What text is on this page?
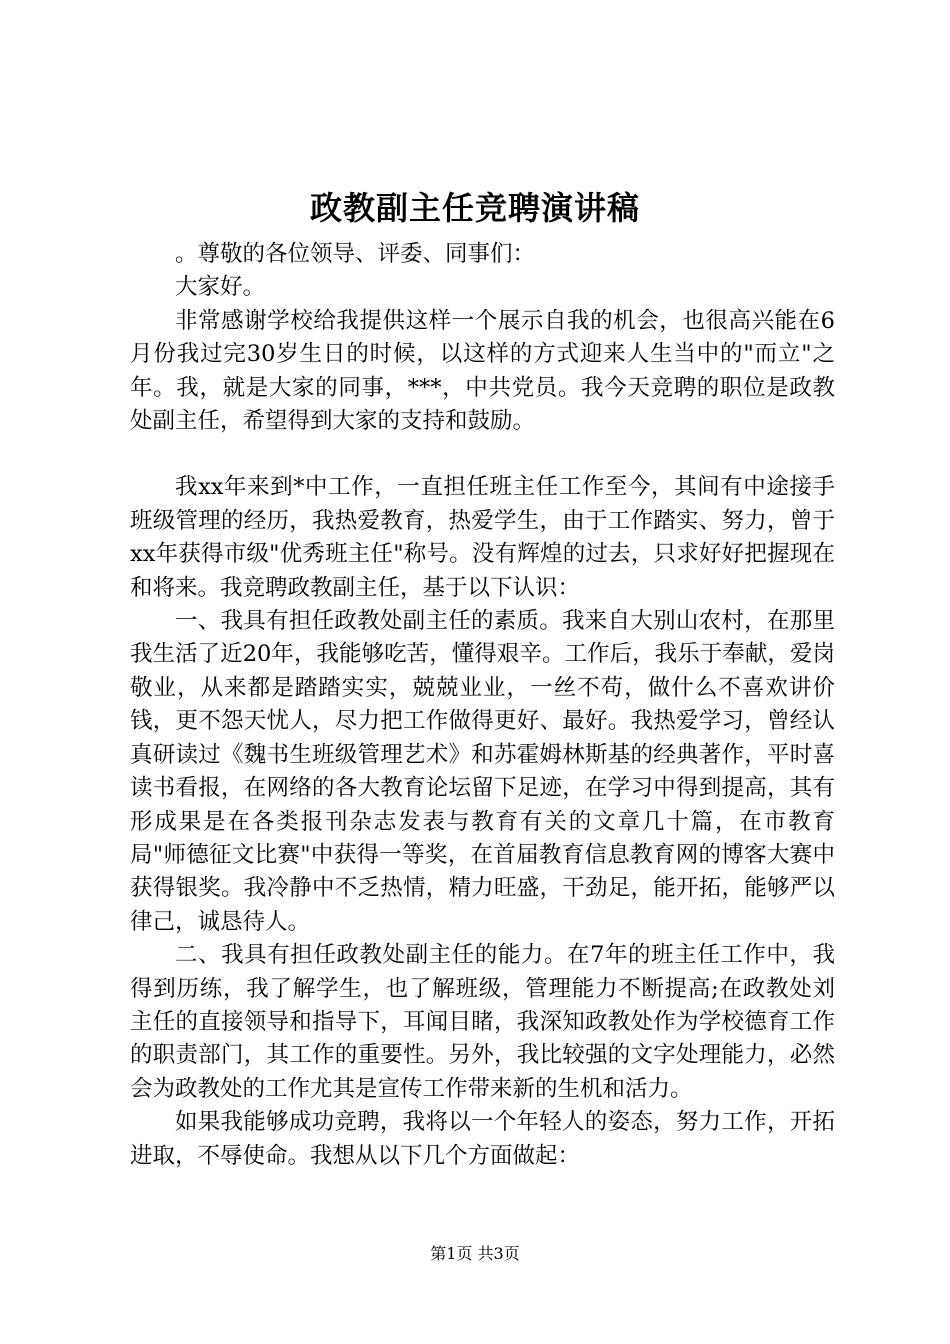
政教副主任竞聘演讲稿

。尊敬的各位领导、评委、同事们：

大家好。

非常感谢学校给我提供这样一个展示自我的机会，也很高兴能在6月份我过完30岁生日的时候，以这样的方式迎来人生当中的"而立"之年。我，就是大家的同事，***，中共党员。我今天竞聘的职位是政教处副主任，希望得到大家的支持和鼓励。

我xx年来到*中工作，一直担任班主任工作至今，其间有中途接手班级管理的经历，我热爱教育，热爱学生，由于工作踏实、努力，曾于xx年获得市级"优秀班主任"称号。没有辉煌的过去，只求好好把握现在和将来。我竞聘政教副主任，基于以下认识：

一、我具有担任政教处副主任的素质。我来自大别山农村，在那里我生活了近20年，我能够吃苦，懂得艰辛。工作后，我乐于奉献，爱岗敬业，从来都是踏踏实实，兢兢业业，一丝不苟，做什么不喜欢讲价钱，更不怨天忧人，尽力把工作做得更好、最好。我热爱学习，曾经认真研读过《魏书生班级管理艺术》和苏霍姆林斯基的经典著作，平时喜读书看报，在网络的各大教育论坛留下足迹，在学习中得到提高，其有形成果是在各类报刊杂志发表与教育有关的文章几十篇，在市教育局"师德征文比赛"中获得一等奖，在首届教育信息教育网的博客大赛中获得银奖。我冷静中不乏热情，精力旺盛，干劲足，能开拓，能够严以律己，诚恳待人。

二、我具有担任政教处副主任的能力。在7年的班主任工作中，我得到历练，我了解学生，也了解班级，管理能力不断提高;在政教处刘主任的直接领导和指导下，耳闻目睹，我深知政教处作为学校德育工作的职责部门，其工作的重要性。另外，我比较强的文字处理能力，必然会为政教处的工作尤其是宣传工作带来新的生机和活力。

如果我能够成功竞聘，我将以一个年轻人的姿态，努力工作，开拓进取，不辱使命。我想从以下几个方面做起：

第1页 共3页
